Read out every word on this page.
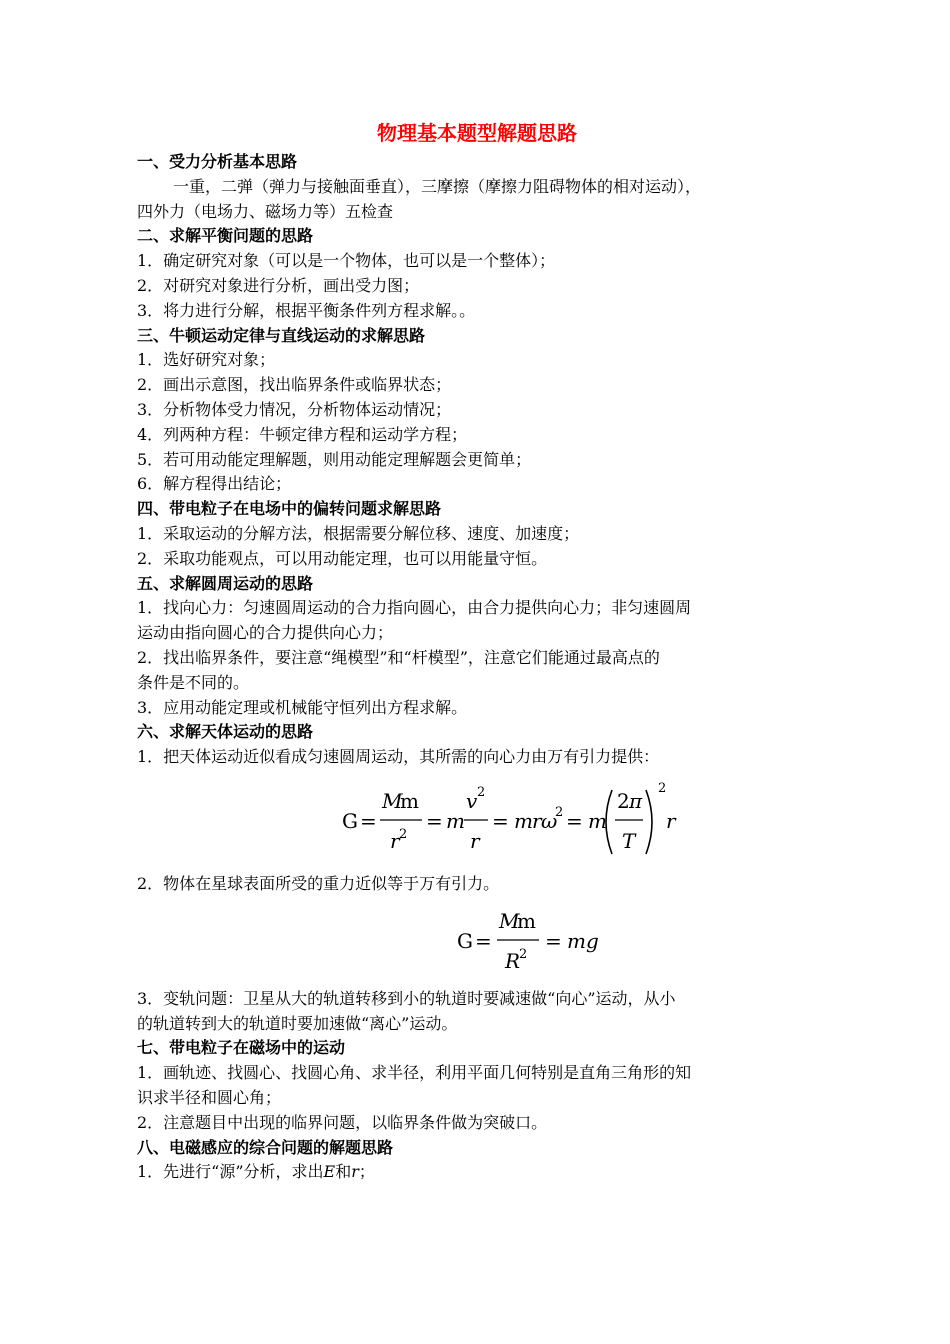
物理基本题型解题思路
一、受力分析基本思路
一重，二弹（弹力与接触面垂直），三摩擦（摩擦力阻碍物体的相对运动），
四外力（电场力、磁场力等）五检查
二、求解平衡问题的思路
1．确定研究对象（可以是一个物体，也可以是一个整体）；
2．对研究对象进行分析，画出受力图；
3．将力进行分解，根据平衡条件列方程求解。。
三、牛顿运动定律与直线运动的求解思路
1．选好研究对象；
2．画出示意图，找出临界条件或临界状态；
3．分析物体受力情况，分析物体运动情况；
4．列两种方程：牛顿定律方程和运动学方程；
5．若可用动能定理解题，则用动能定理解题会更简单；
6．解方程得出结论；
四、带电粒子在电场中的偏转问题求解思路
1．采取运动的分解方法，根据需要分解位移、速度、加速度；
2．采取功能观点，可以用动能定理，也可以用能量守恒。
五、求解圆周运动的思路
1．找向心力：匀速圆周运动的合力指向圆心，由合力提供向心力；非匀速圆周
运动由指向圆心的合力提供向心力；
2．找出临界条件，要注意“绳模型”和“杆模型”，注意它们能通过最高点的
条件是不同的。
3．应用动能定理或机械能守恒列出方程求解。
六、求解天体运动的思路
1．把天体运动近似看成匀速圆周运动，其所需的向心力由万有引力提供：
G =
M
m
r 2
= m
v 2
r
= m r ω
2 = m
2 π
T
2
r
2．物体在星球表面所受的重力近似等于万有引力。
G =
M
m
R
2
= mg
3．变轨问题：卫星从大的轨道转移到小的轨道时要减速做“向心”运动，从小
的轨道转到大的轨道时要加速做“离心”运动。
七、带电粒子在磁场中的运动
1．画轨迹、找圆心、找圆心角、求半径，利用平面几何特别是直角三角形的知
识求半径和圆心角；
2．注意题目中出现的临界问题，以临界条件做为突破口。
八、电磁感应的综合问题的解题思路
1．先进行“源”分析，求出E和r；
